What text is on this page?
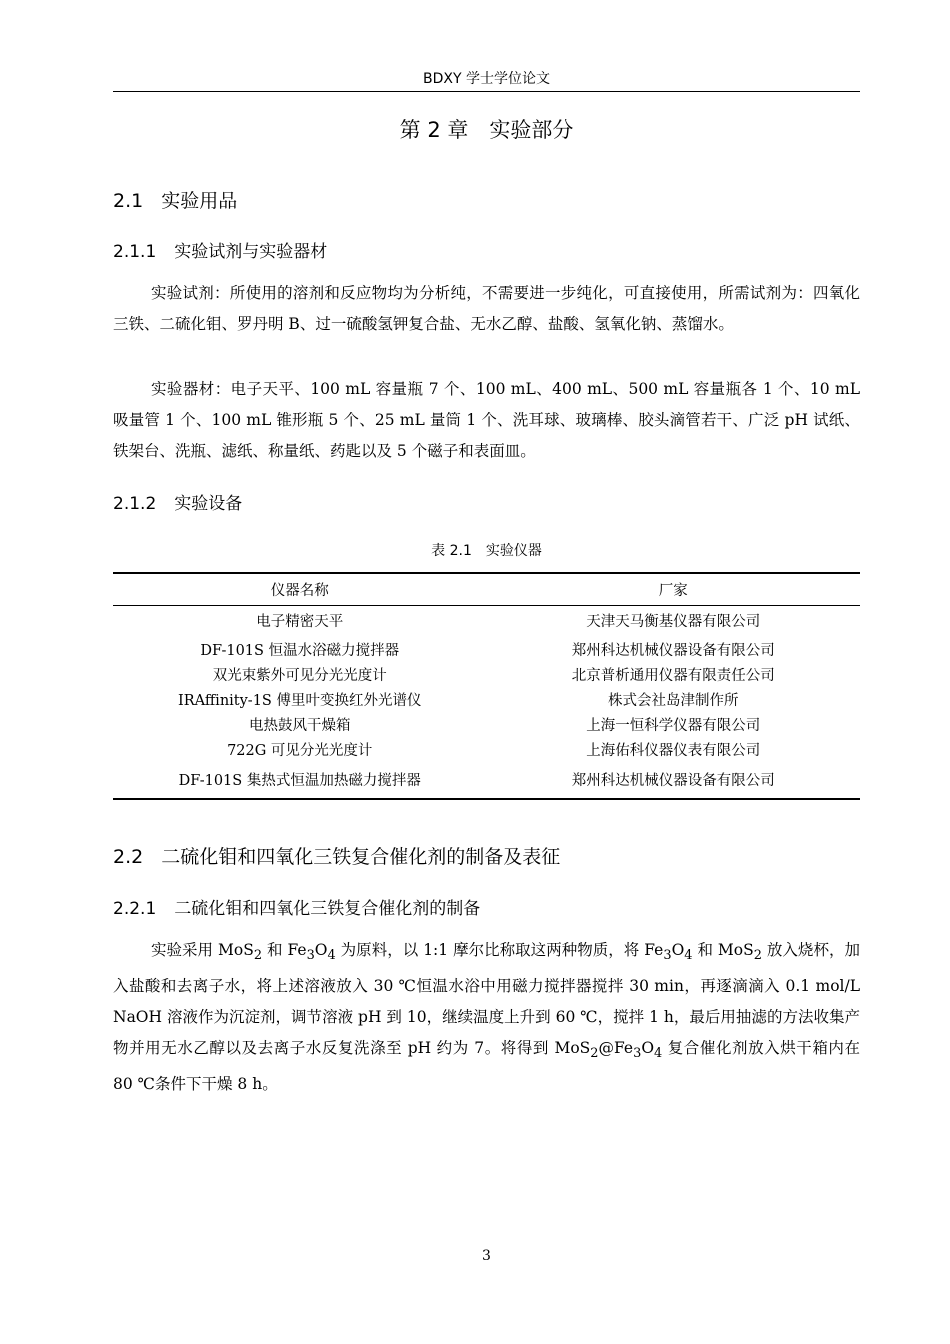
BDXY 学士学位论文
第 2 章　实验部分
2.1 实验用品
2.1.1 实验试剂与实验器材

实验试剂：所使用的溶剂和反应物均为分析纯，不需要进一步纯化，可直接使用，所需试剂为：四氧化三铁、二硫化钼、罗丹明 B、过一硫酸氢钾复合盐、无水乙醇、盐酸、氢氧化钠、蒸馏水。

实验器材：电子天平、100 mL 容量瓶 7 个、100 mL、400 mL、500 mL 容量瓶各 1 个、10 mL 吸量管 1 个、100 mL 锥形瓶 5 个、25 mL 量筒 1 个、洗耳球、玻璃棒、胶头滴管若干、广泛 pH 试纸、铁架台、洗瓶、滤纸、称量纸、药匙以及 5 个磁子和表面皿。

2.1.2 实验设备
表 2.1　实验仪器
仪器名称	厂家
电子精密天平	天津天马衡基仪器有限公司
DF-101S 恒温水浴磁力搅拌器	郑州科达机械仪器设备有限公司
双光束紫外可见分光光度计	北京普析通用仪器有限责任公司
IRAffinity-1S 傅里叶变换红外光谱仪	株式会社岛津制作所
电热鼓风干燥箱	上海一恒科学仪器有限公司
722G 可见分光光度计	上海佑科仪器仪表有限公司
DF-101S 集热式恒温加热磁力搅拌器	郑州科达机械仪器设备有限公司
2.2 二硫化钼和四氧化三铁复合催化剂的制备及表征
2.2.1 二硫化钼和四氧化三铁复合催化剂的制备

实验采用 MoS$_2$ 和 $Fe_3O_4$ 为原料，以 1:1 摩尔比称取这两种物质，将 $Fe_3O_4$ 和 MoS$_2$ 放入烧杯，加入盐酸和去离子水，将上述溶液放入 30 ℃恒温水浴中用磁力搅拌器搅拌 30 min，再逐滴滴入 0.1 mol/L　NaOH 溶液作为沉淀剂，调节溶液 pH 到 10，继续温度上升到 60 ℃，搅拌 1 h，最后用抽滤的方法收集产物并用无水乙醇以及去离子水反复洗涤至 pH 约为 7。将得到 $MoS_2@Fe_3O_4$ 复合催化剂放入烘干箱内在 80 ℃条件下干燥 8 h。

3
